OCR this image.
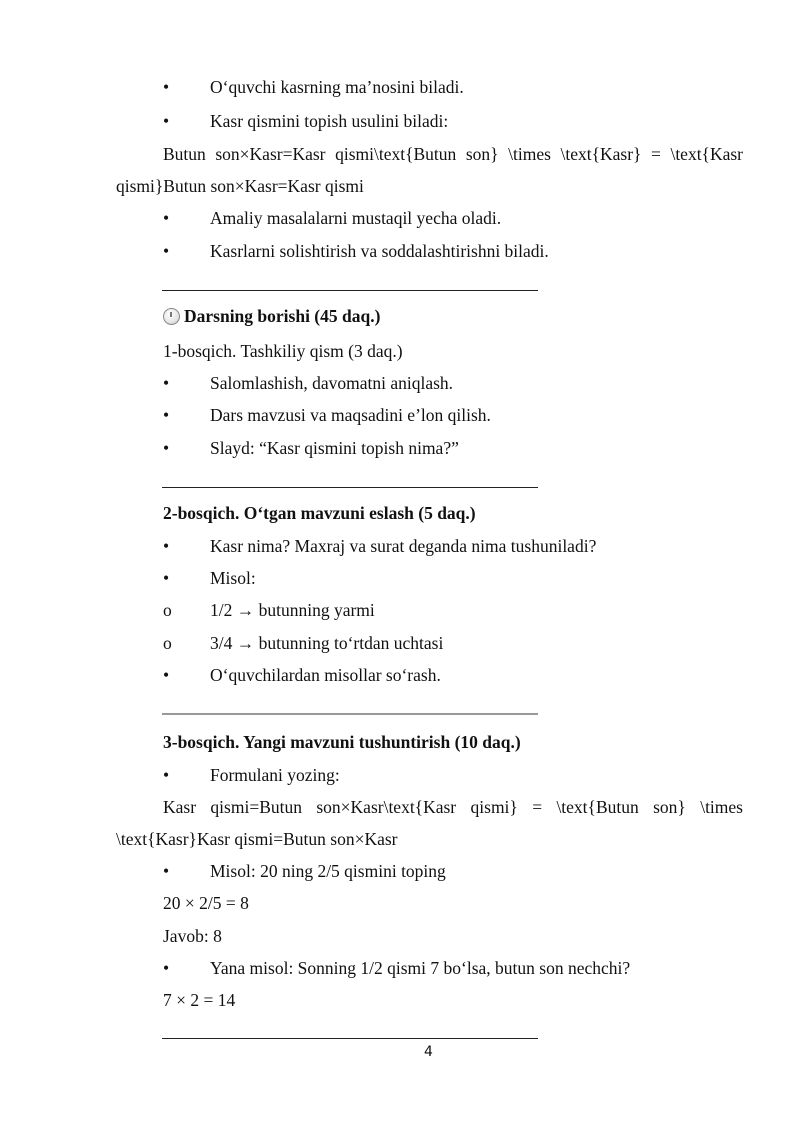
•	O‘quvchi kasrning ma’nosini biladi.
•	Kasr qismini topish usulini biladi:
Butun son×Kasr=Kasr qismi\text{Butun son} \times \text{Kasr} = \text{Kasr
qismi}Butun son×Kasr=Kasr qismi
•	Amaliy masalalarni mustaqil yecha oladi.
•	Kasrlarni solishtirish va soddalashtirishni biladi.
Darsning borishi (45 daq.)
1-bosqich. Tashkiliy qism (3 daq.)
•	Salomlashish, davomatni aniqlash.
•	Dars mavzusi va maqsadini e’lon qilish.
•	Slayd: “Kasr qismini topish nima?”
2-bosqich. O‘tgan mavzuni eslash (5 daq.)
•	Kasr nima? Maxraj va surat deganda nima tushuniladi?
•	Misol:
o	1/2 → butunning yarmi
o	3/4 → butunning to‘rtdan uchtasi
•	O‘quvchilardan misollar so‘rash.
3-bosqich. Yangi mavzuni tushuntirish (10 daq.)
•	Formulani yozing:
Kasr qismi=Butun son×Kasr\text{Kasr qismi} = \text{Butun son} \times
\text{Kasr}Kasr qismi=Butun son×Kasr
•	Misol: 20 ning 2/5 qismini toping
20 × 2/5 = 8
Javob: 8
•	Yana misol: Sonning 1/2 qismi 7 bo‘lsa, butun son nechchi?
7 × 2 = 14
4
